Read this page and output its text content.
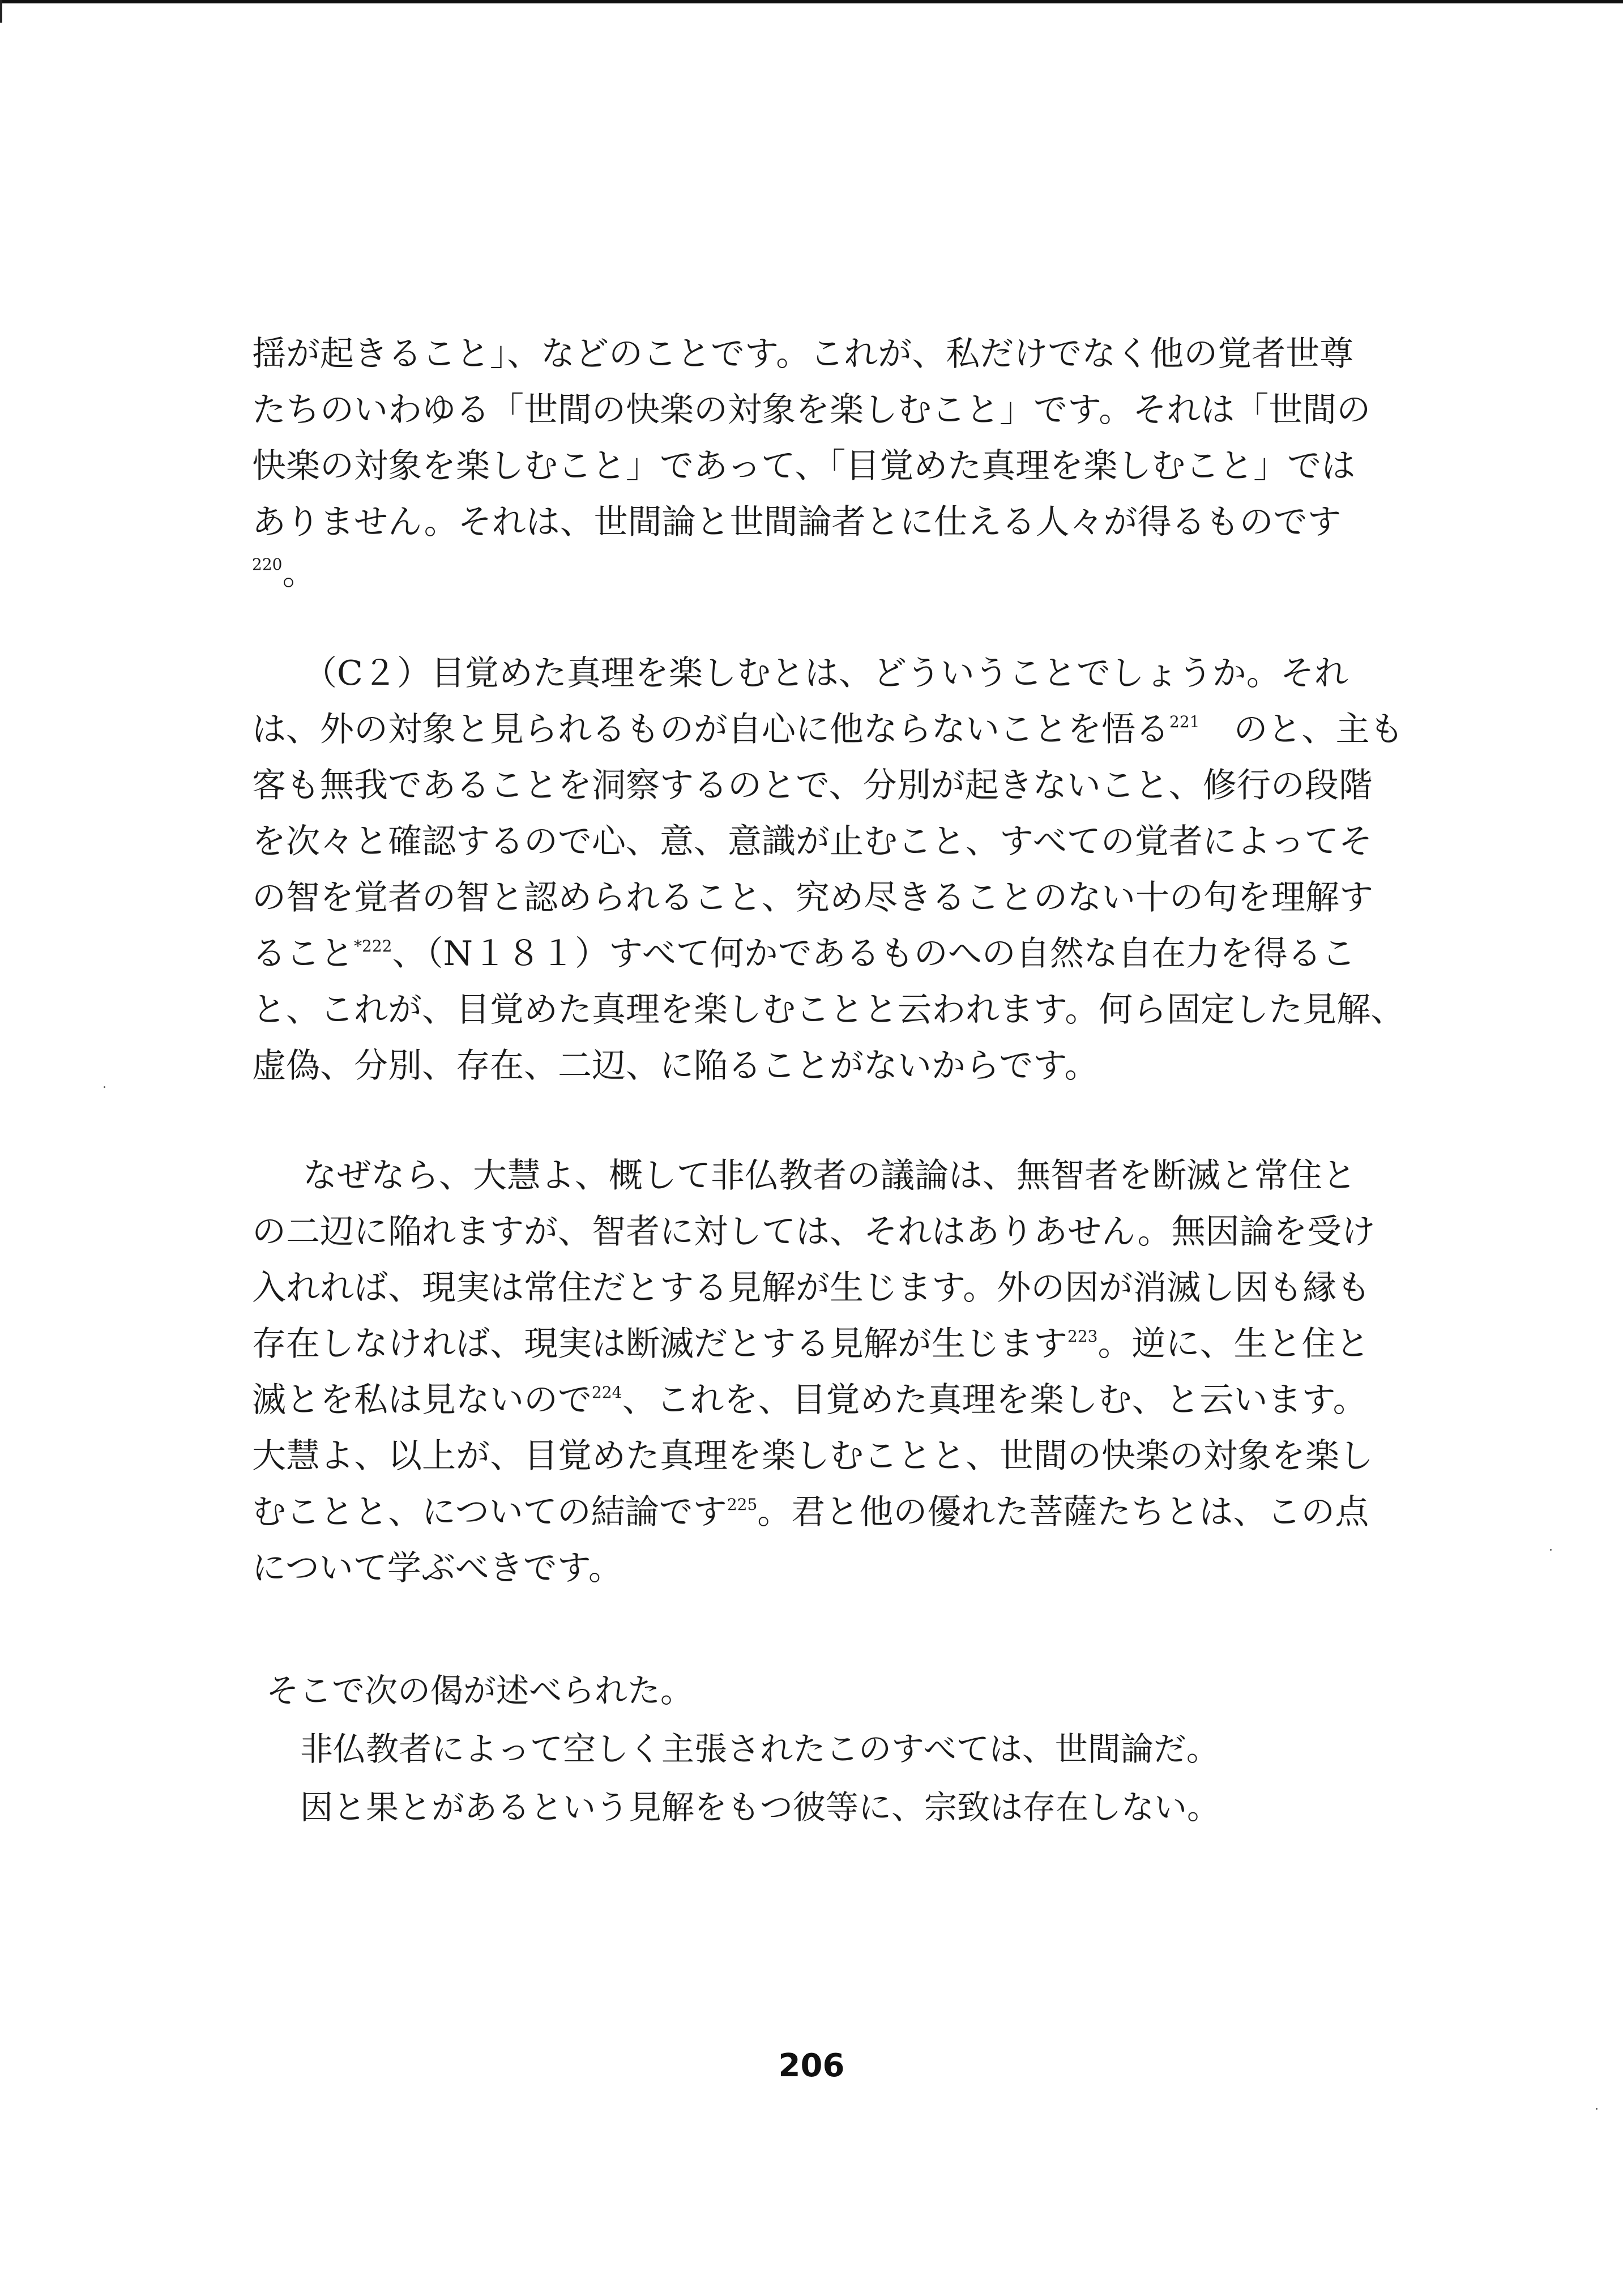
揺が起きること」、などのことです。これが、私だけでなく他の覚者世尊
たちのいわゆる「世間の快楽の対象を楽しむこと」です。それは「世間の
快楽の対象を楽しむこと」であって、「目覚めた真理を楽しむこと」では
ありません。それは、世間論と世間論者とに仕える人々が得るものです
$^{220}$。
（C２）目覚めた真理を楽しむとは、どういうことでしょうか。それ
は、外の対象と見られるものが自心に他ならないことを悟る$^{221}$　 のと、主も
客も無我であることを洞察するのとで、分別が起きないこと、修行の段階
を次々と確認するので心、意、意識が止むこと、すべての覚者によってそ
の智を覚者の智と認められること、究め尽きることのない十の句を理解す
ること$^{*222}$、（N１８１）すべて何かであるものへの自然な自在力を得るこ
と、これが、目覚めた真理を楽しむことと云われます。何ら固定した見解、
虚偽、分別、存在、二辺、に陥ることがないからです。
なぜなら、大慧よ、概して非仏教者の議論は、無智者を断滅と常住と
の二辺に陥れますが、智者に対しては、それはありあせん。無因論を受け
入れれば、現実は常住だとする見解が生じます。外の因が消滅し因も縁も
存在しなければ、現実は断滅だとする見解が生じます$^{223}$。逆に、生と住と
滅とを私は見ないので$^{224}$、これを、目覚めた真理を楽しむ、と云います。
大慧よ、以上が、目覚めた真理を楽しむことと、世間の快楽の対象を楽し
むことと、についての結論です$^{225}$。君と他の優れた菩薩たちとは、この点
について学ぶべきです。
そこで次の偈が述べられた。
非仏教者によって空しく主張されたこのすべては、世間論だ。
因と果とがあるという見解をもつ彼等に、宗致は存在しない。
206
